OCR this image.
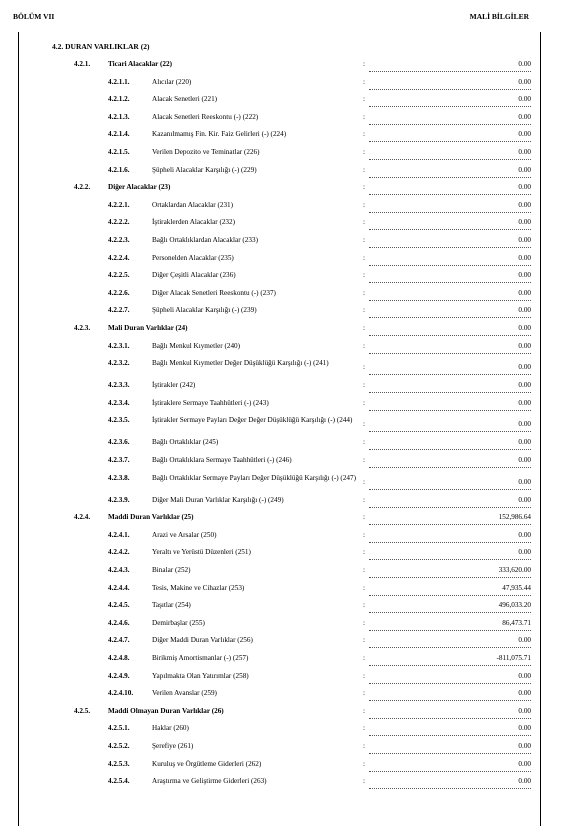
BÖLÜM VII	MALİ BİLGİLER
4.2. DURAN VARLIKLAR (2)
4.2.1. Ticari Alacaklar (22)	:	0.00
4.2.1.1.	Alıcılar (220)	:	0.00
4.2.1.2.	Alacak Senetleri (221)	:	0.00
4.2.1.3.	Alacak Senetleri Reeskontu (-) (222)	:	0.00
4.2.1.4.	Kazanılmamış Fin. Kir. Faiz Gelirleri (-) (224)	:	0.00
4.2.1.5.	Verilen Depozito ve Teminatlar (226)	:	0.00
4.2.1.6.	Şüpheli Alacaklar Karşılığı (-) (229)	:	0.00
4.2.2. Diğer Alacaklar (23)	:	0.00
4.2.2.1.	Ortaklardan Alacaklar (231)	:	0.00
4.2.2.2.	İştiraklerden Alacaklar (232)	:	0.00
4.2.2.3.	Bağlı Ortaklıklardan Alacaklar (233)	:	0.00
4.2.2.4.	Personelden Alacaklar (235)	:	0.00
4.2.2.5.	Diğer Çeşitli Alacaklar (236)	:	0.00
4.2.2.6.	Diğer Alacak Senetleri Reeskontu (-) (237)	:	0.00
4.2.2.7.	Şüpheli Alacaklar Karşılığı (-) (239)	:	0.00
4.2.3. Mali Duran Varlıklar (24)	:	0.00
4.2.3.1.	Bağlı Menkul Kıymetler (240)	:	0.00
4.2.3.2.	Bağlı Menkul Kıymetler Değer Düşüklüğü Karşılığı (-) (241)	:	0.00
4.2.3.3.	İştirakler (242)	:	0.00
4.2.3.4.	İştiraklere Sermaye Taahhütleri (-) (243)	:	0.00
4.2.3.5.	İştirakler Sermaye Payları Değer Değer Düşüklüğü Karşılığı (-) (244)	:	0.00
4.2.3.6.	Bağlı Ortaklıklar (245)	:	0.00
4.2.3.7.	Bağlı Ortaklıklara Sermaye Taahhütleri (-) (246)	:	0.00
4.2.3.8.	Bağlı Ortaklıklar Sermaye Payları Değer Düşüklüğü Karşılığı (-) (247) :	0.00
4.2.3.9.	Diğer Mali Duran Varlıklar Karşılığı (-) (249)	:	0.00
4.2.4. Maddi Duran Varlıklar (25)	:	152,986.64
4.2.4.1.	Arazi ve Arsalar (250)	:	0.00
4.2.4.2.	Yeraltı ve Yerüstü Düzenleri (251)	:	0.00
4.2.4.3.	Binalar (252)	:	333,620.00
4.2.4.4.	Tesis, Makine ve Cihazlar (253)	:	47,935.44
4.2.4.5.	Taşıtlar (254)	:	496,033.20
4.2.4.6.	Demirbaşlar (255)	:	86,473.71
4.2.4.7.	Diğer Maddi Duran Varlıklar (256)	:	0.00
4.2.4.8.	Birikmiş Amortismanlar (-) (257)	:	-811,075.71
4.2.4.9.	Yapılmakta Olan Yatırımlar (258)	:	0.00
4.2.4.10.	Verilen Avanslar (259)	:	0.00
4.2.5. Maddi Olmayan Duran Varlıklar (26)	:	0.00
4.2.5.1.	Haklar (260)	:	0.00
4.2.5.2.	Şerefiye (261)	:	0.00
4.2.5.3.	Kuruluş ve Örgütleme Giderleri (262)	:	0.00
4.2.5.4.	Araştırma ve Geliştirme Giderleri (263)	:	0.00
